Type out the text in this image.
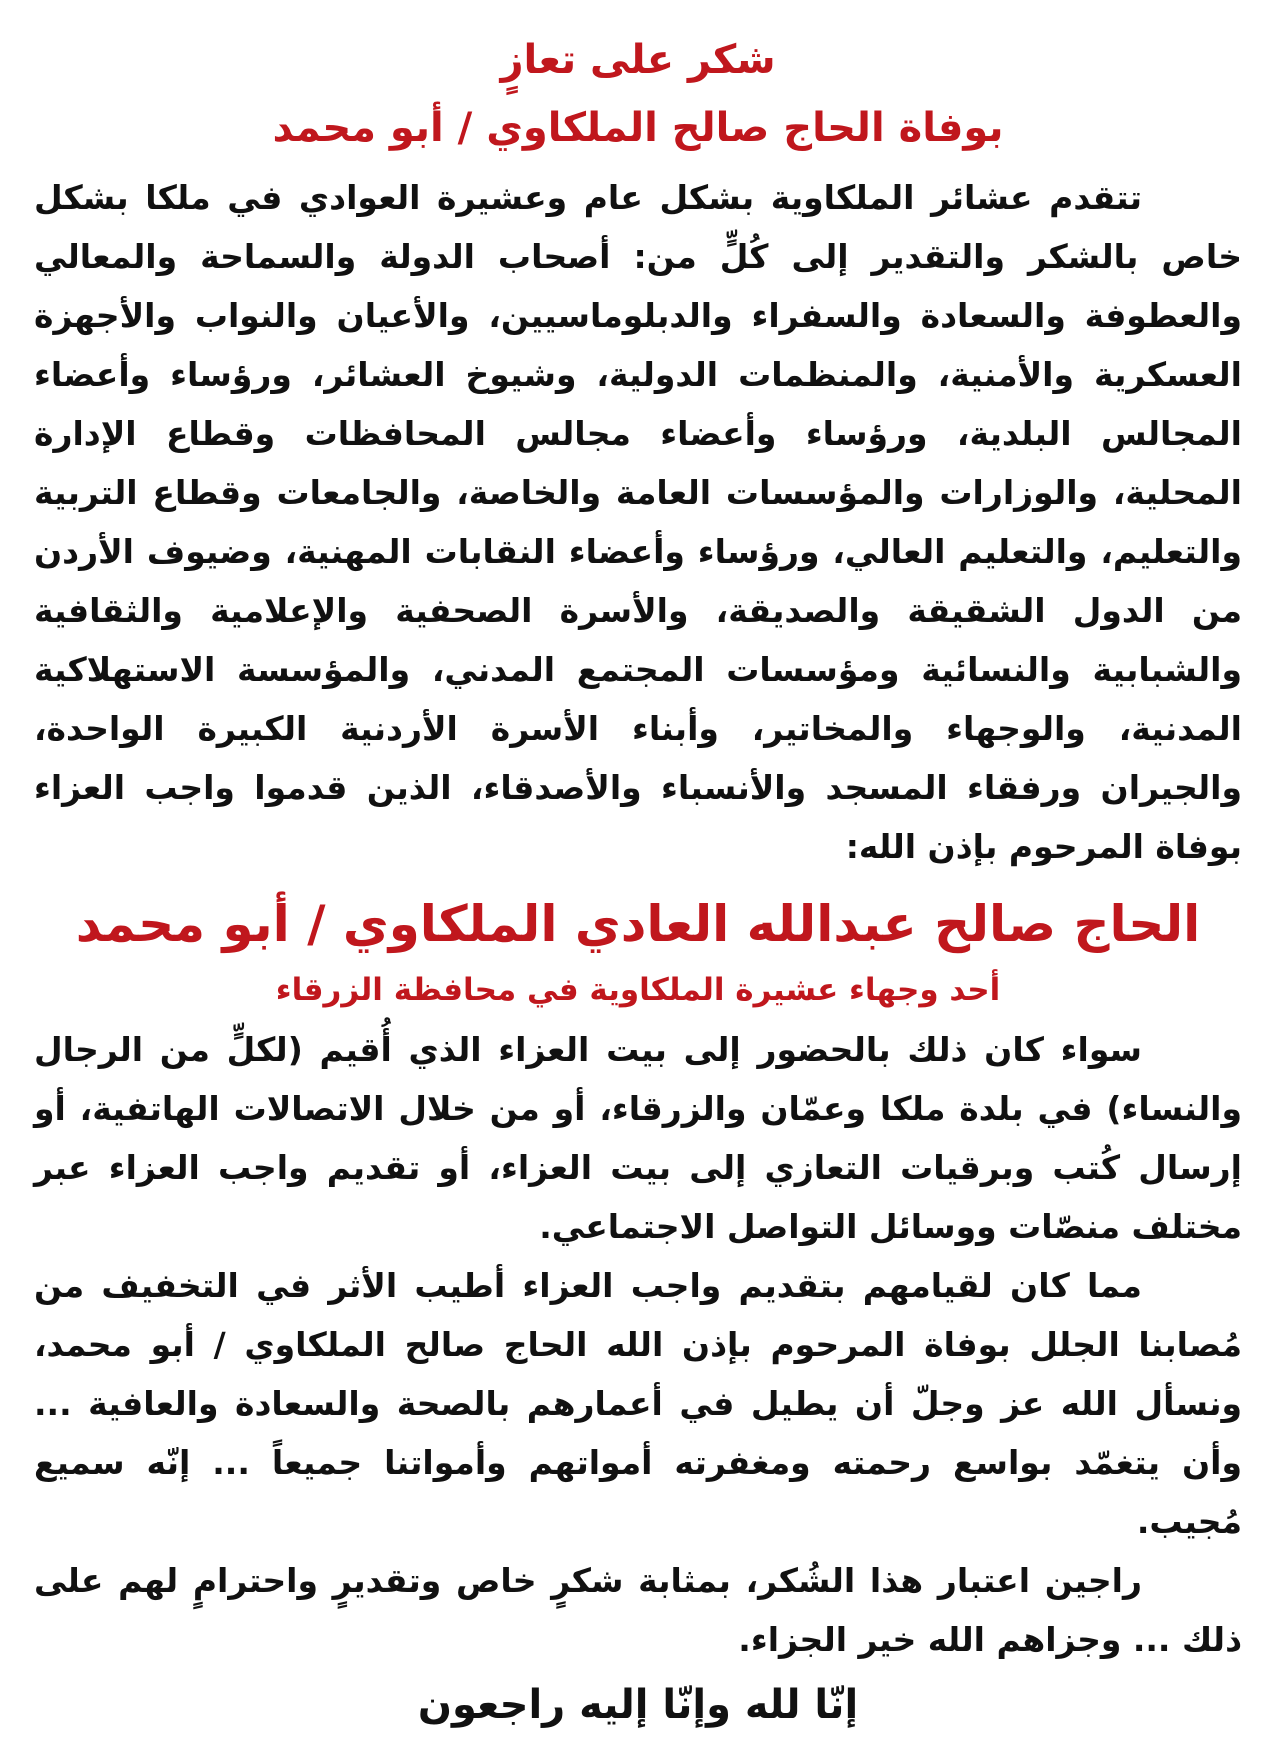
شكر على تعازٍ
بوفاة الحاج صالح الملكاوي / أبو محمد

تتقدم عشائر الملكاوية بشكل عام وعشيرة العوادي في ملكا بشكل خاص بالشكر والتقدير إلى كُلٍّ من: أصحاب الدولة والسماحة والمعالي والعطوفة والسعادة والسفراء والدبلوماسيين، والأعيان والنواب والأجهزة العسكرية والأمنية، والمنظمات الدولية، وشيوخ العشائر، ورؤساء وأعضاء المجالس البلدية، ورؤساء وأعضاء مجالس المحافظات وقطاع الإدارة المحلية، والوزارات والمؤسسات العامة والخاصة، والجامعات وقطاع التربية والتعليم، والتعليم العالي، ورؤساء وأعضاء النقابات المهنية، وضيوف الأردن من الدول الشقيقة والصديقة، والأسرة الصحفية والإعلامية والثقافية والشبابية والنسائية ومؤسسات المجتمع المدني، والمؤسسة الاستهلاكية المدنية، والوجهاء والمخاتير، وأبناء الأسرة الأردنية الكبيرة الواحدة، والجيران ورفقاء المسجد والأنسباء والأصدقاء، الذين قدموا واجب العزاء بوفاة المرحوم بإذن الله:

الحاج صالح عبدالله العادي الملكاوي / أبو محمد
أحد وجهاء عشيرة الملكاوية في محافظة الزرقاء

سواء كان ذلك بالحضور إلى بيت العزاء الذي أُقيم (لكلٍّ من الرجال والنساء) في بلدة ملكا وعمّان والزرقاء، أو من خلال الاتصالات الهاتفية، أو إرسال كُتب وبرقيات التعازي إلى بيت العزاء، أو تقديم واجب العزاء عبر مختلف منصّات ووسائل التواصل الاجتماعي.

مما كان لقيامهم بتقديم واجب العزاء أطيب الأثر في التخفيف من مُصابنا الجلل بوفاة المرحوم بإذن الله الحاج صالح الملكاوي / أبو محمد، ونسأل الله عز وجلّ أن يطيل في أعمارهم بالصحة والسعادة والعافية ... وأن يتغمّد بواسع رحمته ومغفرته أمواتهم وأمواتنا جميعاً ... إنّه سميع مُجيب.

راجين اعتبار هذا الشُكر، بمثابة شكرٍ خاص وتقديرٍ واحترامٍ لهم على ذلك ... وجزاهم الله خير الجزاء.

إنّا لله وإنّا إليه راجعون
